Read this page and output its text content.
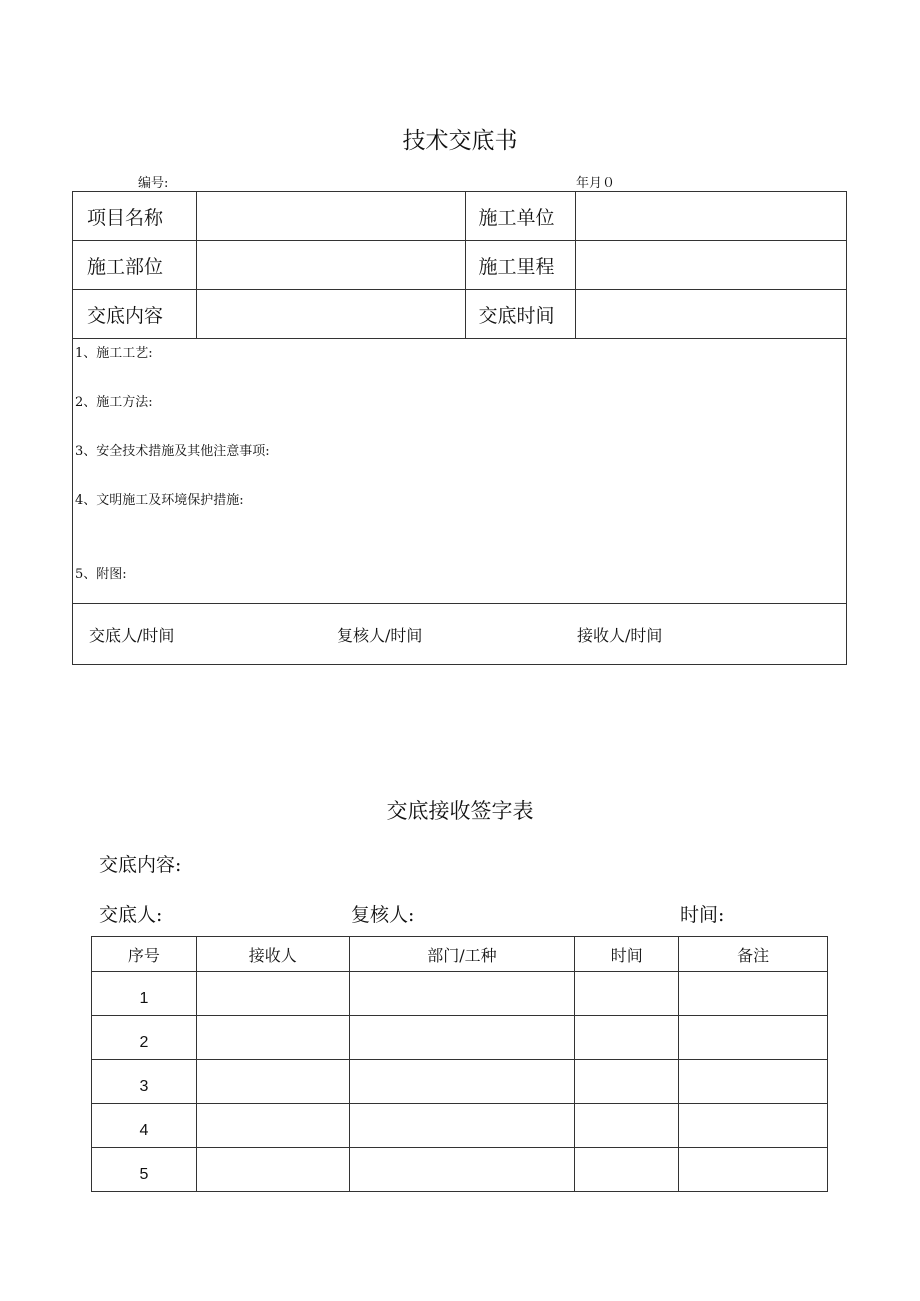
技术交底书
编号:	年月０
项目名称		施工单位	
施工部位		施工里程	
交底内容		交底时间	

1、施工工艺:
2、施工方法:
3、安全技术措施及其他注意事项:
4、文明施工及环境保护措施:
5、附图:			

交底人/时间 复核人/时间 接收人/时间			
交底接收签字表
交底内容:
交底人:	复核人:	时间:
序号	接收人	部门/工种	时间	备注
1				
2				
3				
4				
5				
